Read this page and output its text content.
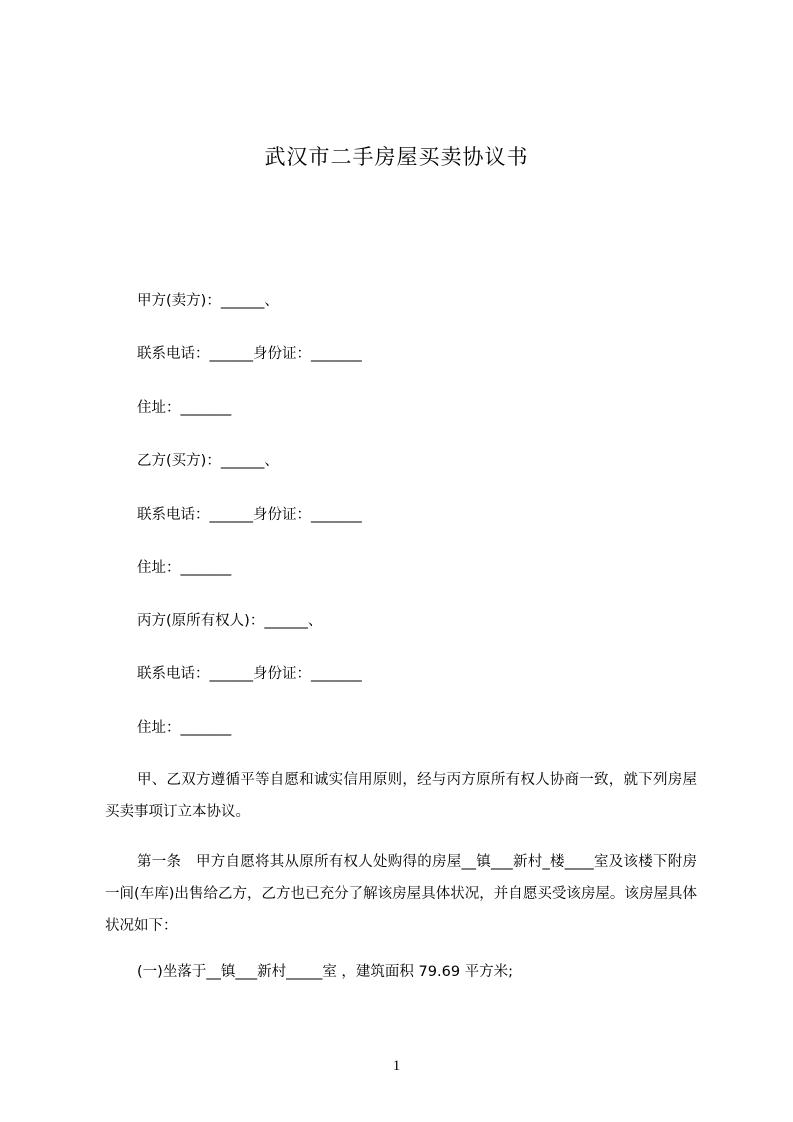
武汉市二手房屋买卖协议书
甲方(卖方)：______、
联系电话：______身份证：_______
住址：_______
乙方(买方)：______、
联系电话：______身份证：_______
住址：_______
丙方(原所有权人)：______、
联系电话：______身份证：_______
住址：_______
甲、乙双方遵循平等自愿和诚实信用原则，经与丙方原所有权人协商一致，就下列房屋买卖事项订立本协议。
第一条　甲方自愿将其从原所有权人处购得的房屋__镇___新村_楼____室及该楼下附房一间(车库)出售给乙方，乙方也已充分了解该房屋具体状况，并自愿买受该房屋。该房屋具体状况如下：
(一)坐落于__镇___新村_____室 ，建筑面积 79.69 平方米;
1
